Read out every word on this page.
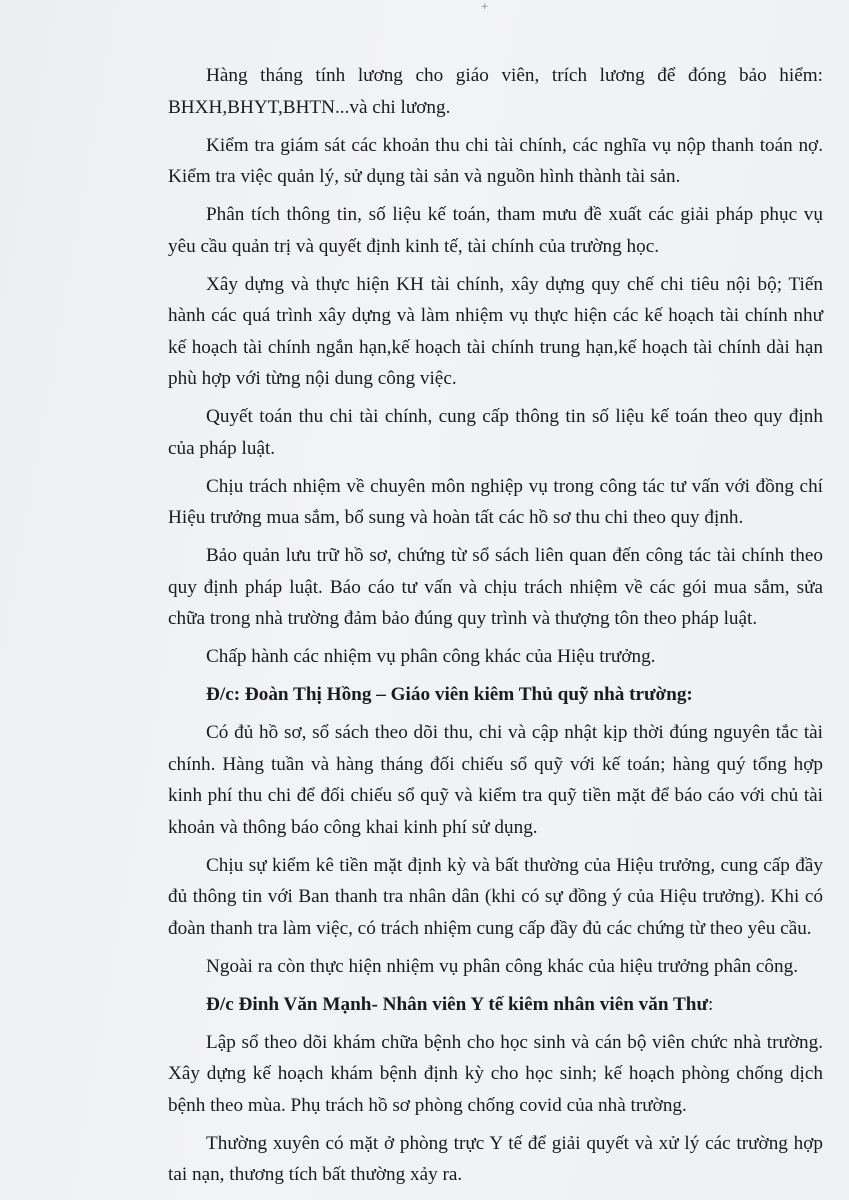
+

Hàng tháng tính lương cho giáo viên, trích lương để đóng bảo hiểm: BHXH,BHYT,BHTN...và chi lương.

Kiểm tra giám sát các khoản thu chi tài chính, các nghĩa vụ nộp thanh toán nợ. Kiểm tra việc quản lý, sử dụng tài sản và nguồn hình thành tài sản.

Phân tích thông tin, số liệu kế toán, tham mưu đề xuất các giải pháp phục vụ yêu cầu quản trị và quyết định kinh tế, tài chính của trường học.

Xây dựng và thực hiện KH tài chính, xây dựng quy chế chi tiêu nội bộ; Tiến hành các quá trình xây dựng và làm nhiệm vụ thực hiện các kế hoạch tài chính như kế hoạch tài chính ngắn hạn,kế hoạch tài chính trung hạn,kế hoạch tài chính dài hạn phù hợp với từng nội dung công việc.

Quyết toán thu chi tài chính, cung cấp thông tin số liệu kế toán theo quy định của pháp luật.

Chịu trách nhiệm về chuyên môn nghiệp vụ trong công tác tư vấn với đồng chí Hiệu trưởng mua sắm, bổ sung và hoàn tất các hồ sơ thu chi theo quy định.

Bảo quản lưu trữ hồ sơ, chứng từ sổ sách liên quan đến công tác tài chính theo quy định pháp luật. Báo cáo tư vấn và chịu trách nhiệm về các gói mua sắm, sửa chữa trong nhà trường đảm bảo đúng quy trình và thượng tôn theo pháp luật.

Chấp hành các nhiệm vụ phân công khác của Hiệu trưởng.

Đ/c: Đoàn Thị Hồng – Giáo viên kiêm Thủ quỹ nhà trường:

Có đủ hồ sơ, sổ sách theo dõi thu, chi và cập nhật kịp thời đúng nguyên tắc tài chính. Hàng tuần và hàng tháng đối chiếu sổ quỹ với kế toán; hàng quý tổng hợp kinh phí thu chi để đối chiếu sổ quỹ và kiểm tra quỹ tiền mặt để báo cáo với chủ tài khoản và thông báo công khai kinh phí sử dụng.

Chịu sự kiểm kê tiền mặt định kỳ và bất thường của Hiệu trưởng, cung cấp đầy đủ thông tin với Ban thanh tra nhân dân (khi có sự đồng ý của Hiệu trưởng). Khi có đoàn thanh tra làm việc, có trách nhiệm cung cấp đầy đủ các chứng từ theo yêu cầu.

Ngoài ra còn thực hiện nhiệm vụ phân công khác của hiệu trưởng phân công.

Đ/c Đinh Văn Mạnh- Nhân viên Y tế kiêm nhân viên văn Thư:

Lập sổ theo dõi khám chữa bệnh cho học sinh và cán bộ viên chức nhà trường. Xây dựng kế hoạch khám bệnh định kỳ cho học sinh; kế hoạch phòng chống dịch bệnh theo mùa. Phụ trách hồ sơ phòng chống covid của nhà trường.

Thường xuyên có mặt ở phòng trực Y tế để giải quyết và xử lý các trường hợp tai nạn, thương tích bất thường xảy ra.
